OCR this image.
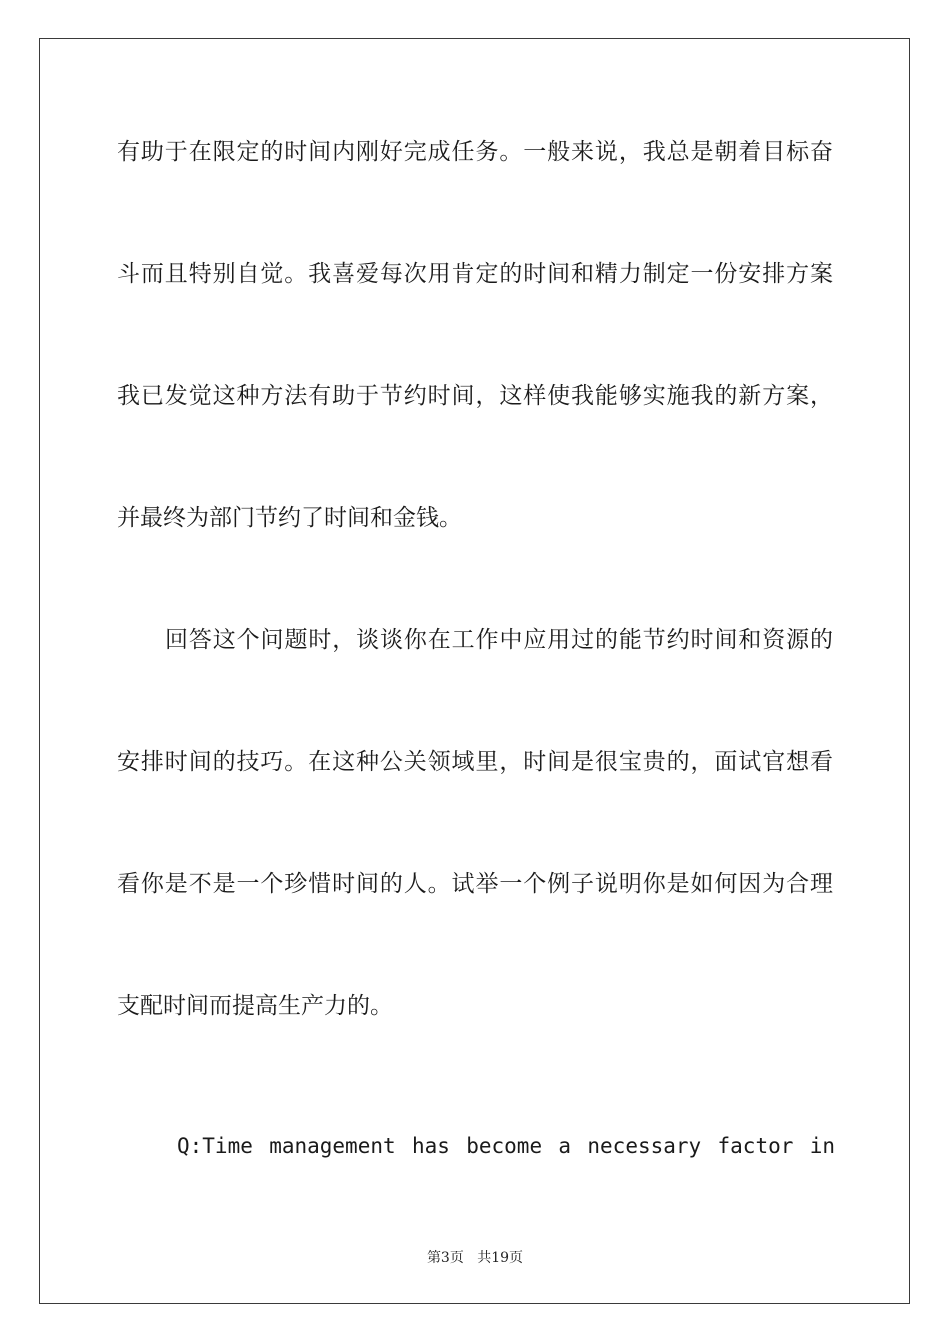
有助于在限定的时间内刚好完成任务。一般来说，我总是朝着目标奋
斗而且特别自觉。我喜爱每次用肯定的时间和精力制定一份安排方案
我已发觉这种方法有助于节约时间，这样使我能够实施我的新方案，
并最终为部门节约了时间和金钱。
回答这个问题时，谈谈你在工作中应用过的能节约时间和资源的
安排时间的技巧。在这种公关领域里，时间是很宝贵的，面试官想看
看你是不是一个珍惜时间的人。试举一个例子说明你是如何因为合理
支配时间而提高生产力的。
Q:Time management has become a necessary factor in
第3页 共19页
